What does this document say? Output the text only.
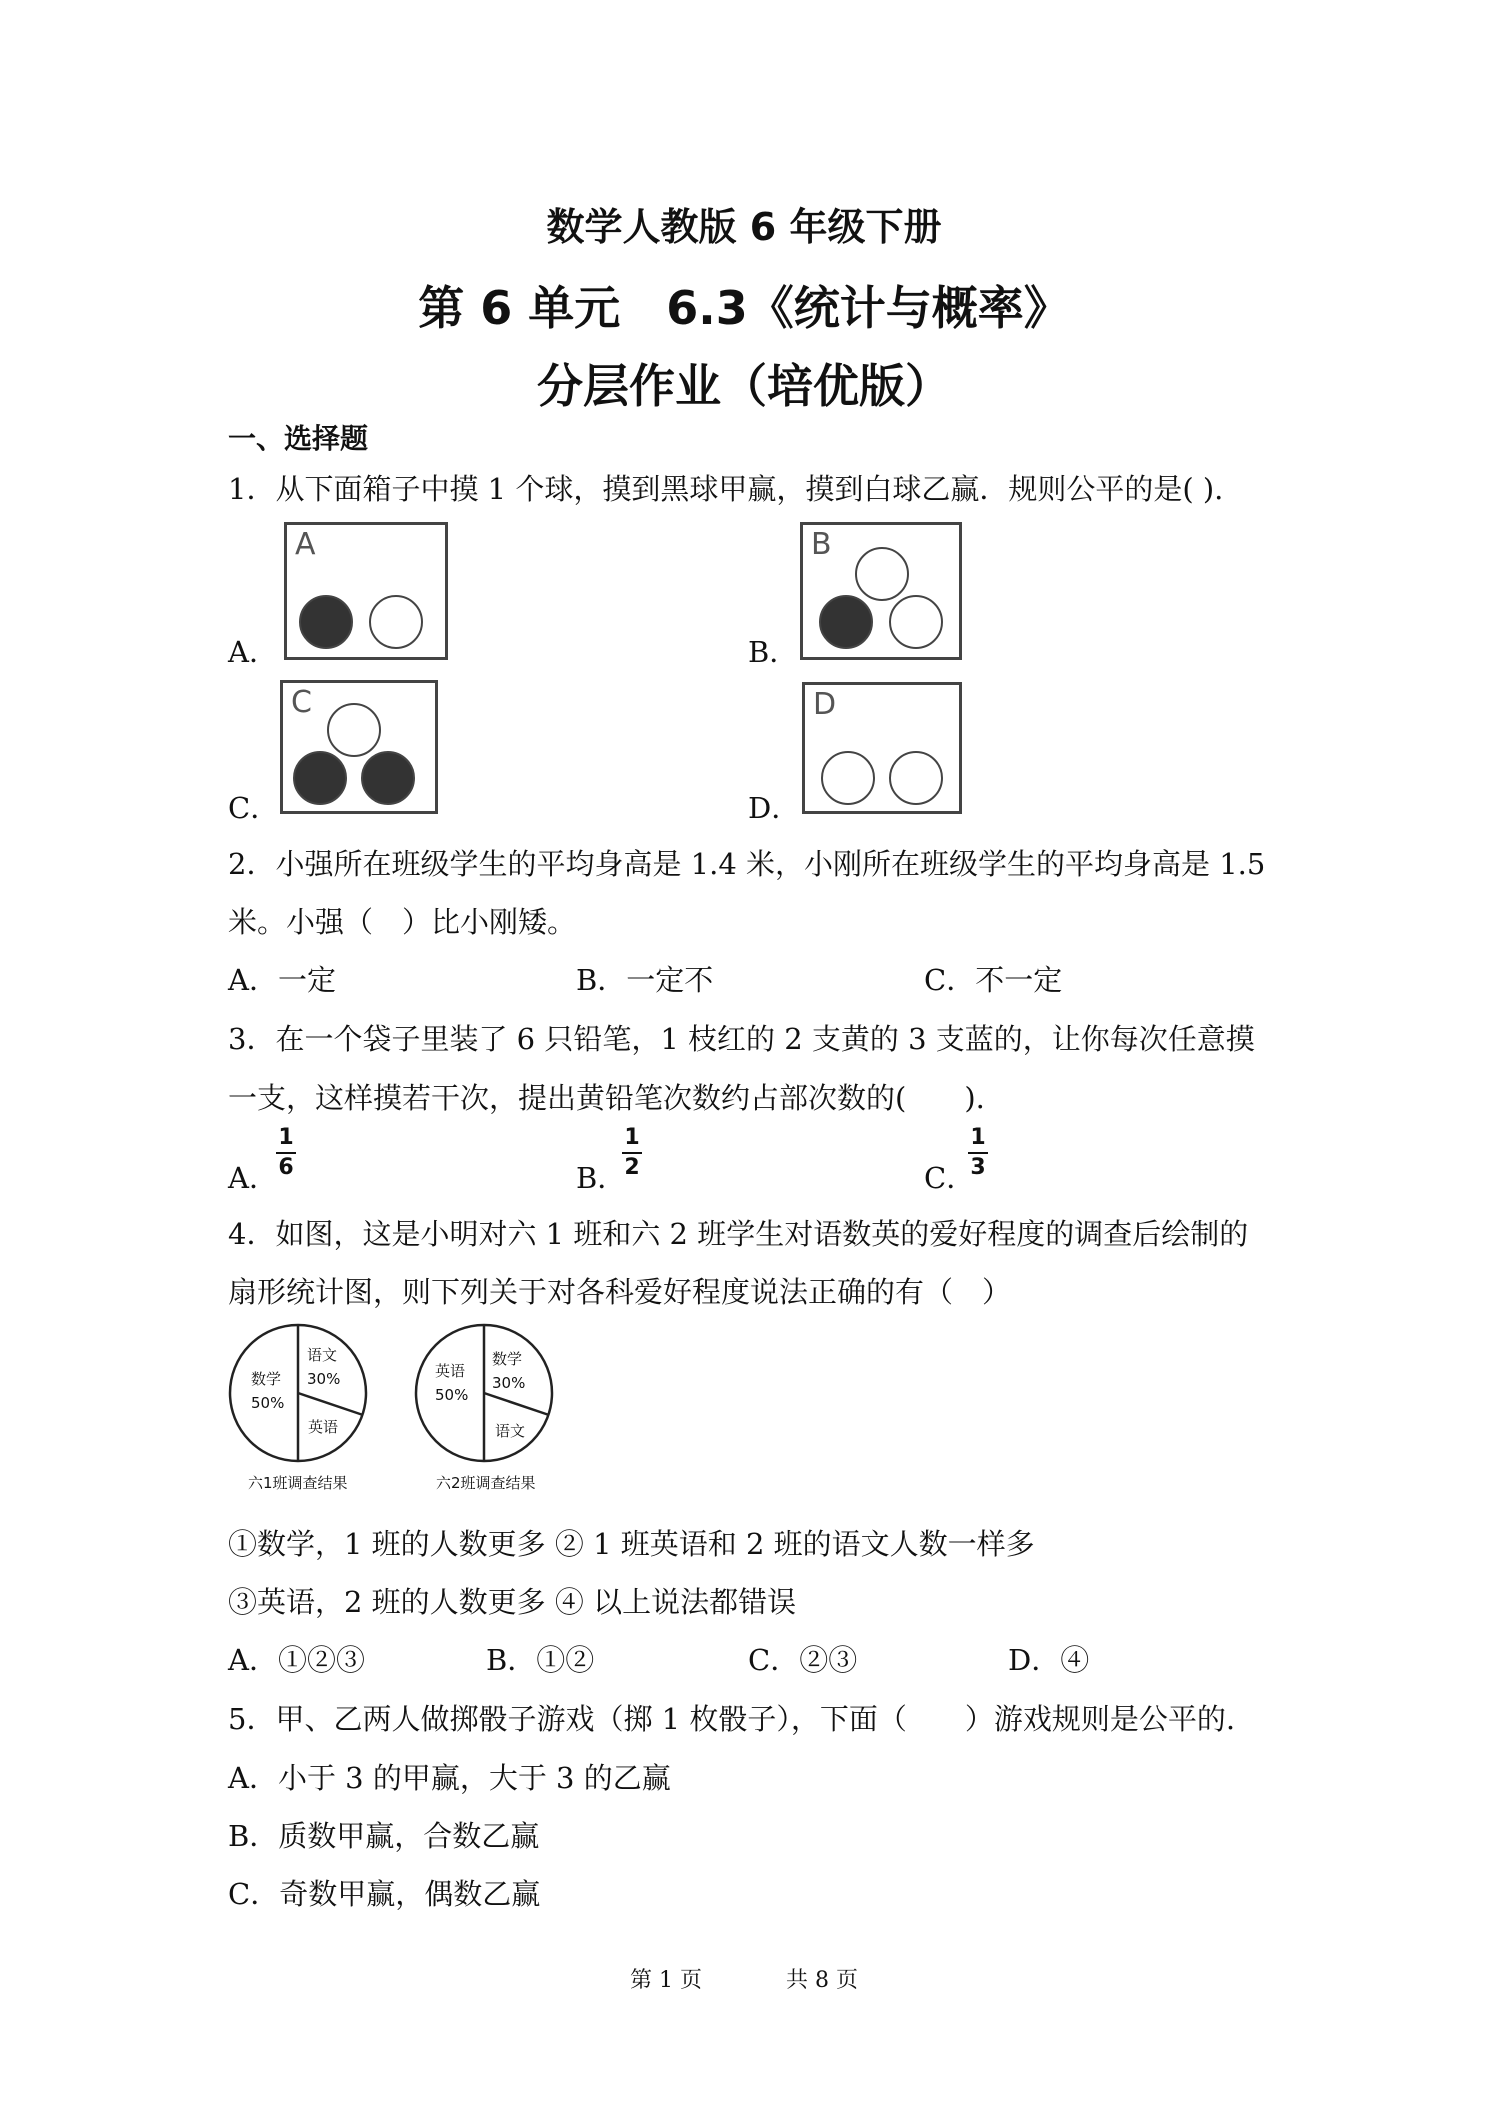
数学人教版 6 年级下册
第 6 单元　6.3《统计与概率》
分层作业（培优版）
一、选择题
1．从下面箱子中摸 1 个球，摸到黑球甲赢，摸到白球乙赢．规则公平的是( ).
A．
A
B．
B
C．
C
D．
D
2．小强所在班级学生的平均身高是 1.4 米，小刚所在班级学生的平均身高是 1.5
米。小强（　）比小刚矮。
A．一定	B．一定不	C．不一定
3．在一个袋子里装了 6 只铅笔，1 枝红的 2 支黄的 3 支蓝的，让你每次任意摸
一支，这样摸若干次，提出黄铅笔次数约占部次数的(　　).
A．
1
6	B．
1
2	C．
1
3
4．如图，这是小明对六 1 班和六 2 班学生对语数英的爱好程度的调查后绘制的
扇形统计图，则下列关于对各科爱好程度说法正确的有（　）
数学
50%
语文
30%
英语
六1班调查结果
英语
50%
数学
30%
语文
六2班调查结果
①数学，1 班的人数更多 ② 1 班英语和 2 班的语文人数一样多
③英语，2 班的人数更多 ④ 以上说法都错误
A．①②③	B．①②	C．②③	D．④
5．甲、乙两人做掷骰子游戏（掷 1 枚骰子），下面（　　）游戏规则是公平的.
A．小于 3 的甲赢，大于 3 的乙赢
B．质数甲赢，合数乙赢
C．奇数甲赢，偶数乙赢
第 1 页	共 8 页
